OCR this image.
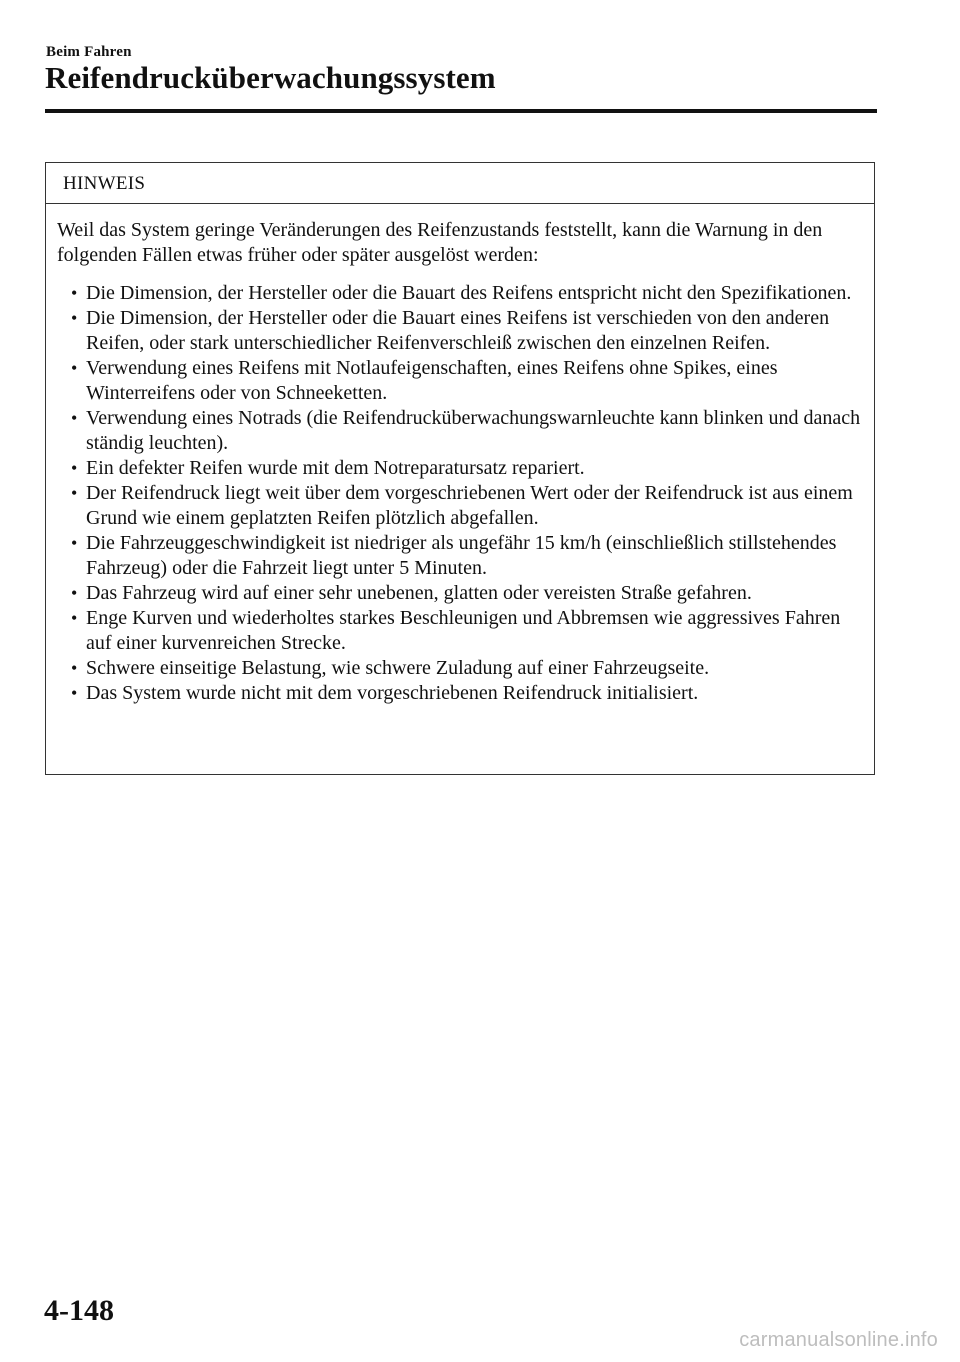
Beim Fahren
Reifendrucküberwachungssystem
HINWEIS

Weil das System geringe Veränderungen des Reifenzustands feststellt, kann die Warnung in den folgenden Fällen etwas früher oder später ausgelöst werden:

• Die Dimension, der Hersteller oder die Bauart des Reifens entspricht nicht den Spezifikationen.
• Die Dimension, der Hersteller oder die Bauart eines Reifens ist verschieden von den anderen Reifen, oder stark unterschiedlicher Reifenverschleiß zwischen den einzelnen Reifen.
• Verwendung eines Reifens mit Notlaufeigenschaften, eines Reifens ohne Spikes, eines Winterreifens oder von Schneeketten.
• Verwendung eines Notrads (die Reifendrucküberwachungswarnleuchte kann blinken und danach ständig leuchten).
• Ein defekter Reifen wurde mit dem Notreparatursatz repariert.
• Der Reifendruck liegt weit über dem vorgeschriebenen Wert oder der Reifendruck ist aus einem Grund wie einem geplatzten Reifen plötzlich abgefallen.
• Die Fahrzeuggeschwindigkeit ist niedriger als ungefähr 15 km/h (einschließlich stillstehendes Fahrzeug) oder die Fahrzeit liegt unter 5 Minuten.
• Das Fahrzeug wird auf einer sehr unebenen, glatten oder vereisten Straße gefahren.
• Enge Kurven und wiederholtes starkes Beschleunigen und Abbremsen wie aggressives Fahren auf einer kurvenreichen Strecke.
• Schwere einseitige Belastung, wie schwere Zuladung auf einer Fahrzeugseite.
• Das System wurde nicht mit dem vorgeschriebenen Reifendruck initialisiert.
4-148
carmanualsonline.info
